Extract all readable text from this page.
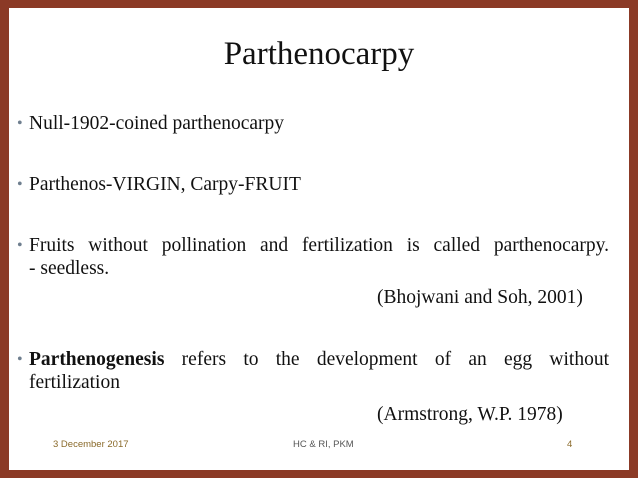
Parthenocarpy
• Null-1902-coined parthenocarpy
• Parthenos-VIRGIN, Carpy-FRUIT
• Fruits without pollination and fertilization is called parthenocarpy.
- seedless.
(Bhojwani and Soh, 2001)
• Parthenogenesis refers to the development of an egg without
fertilization
(Armstrong, W.P. 1978)
3 December 2017	HC & RI, PKM	4
